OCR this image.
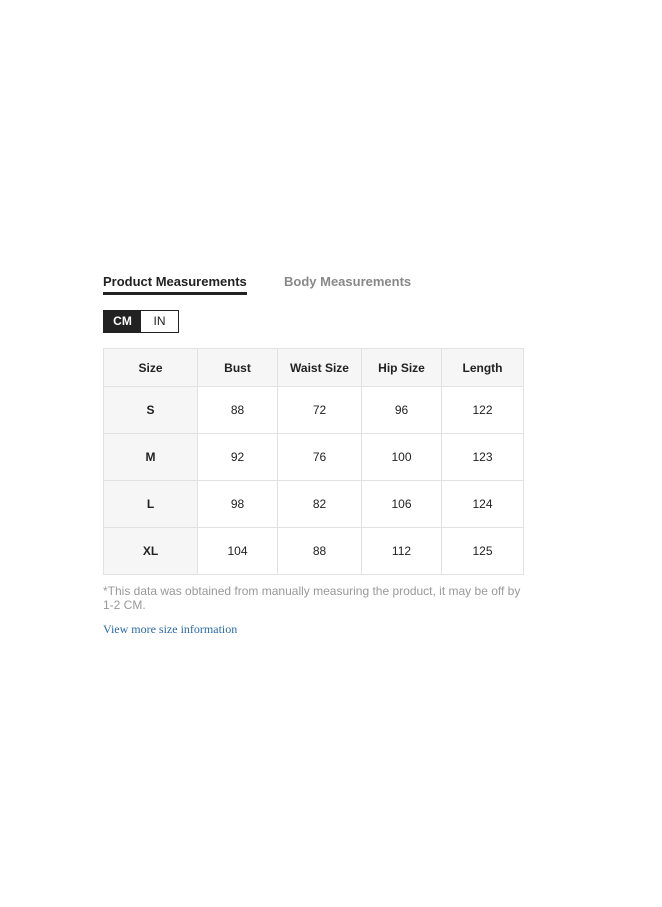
Product Measurements	Body Measurements
CM	IN
Size	Bust	Waist Size	Hip Size	Length
S	88	72	96	122
M	92	76	100	123
L	98	82	106	124
XL	104	88	112	125
*This data was obtained from manually measuring the product, it may be off by 1-2 CM.
View more size information
